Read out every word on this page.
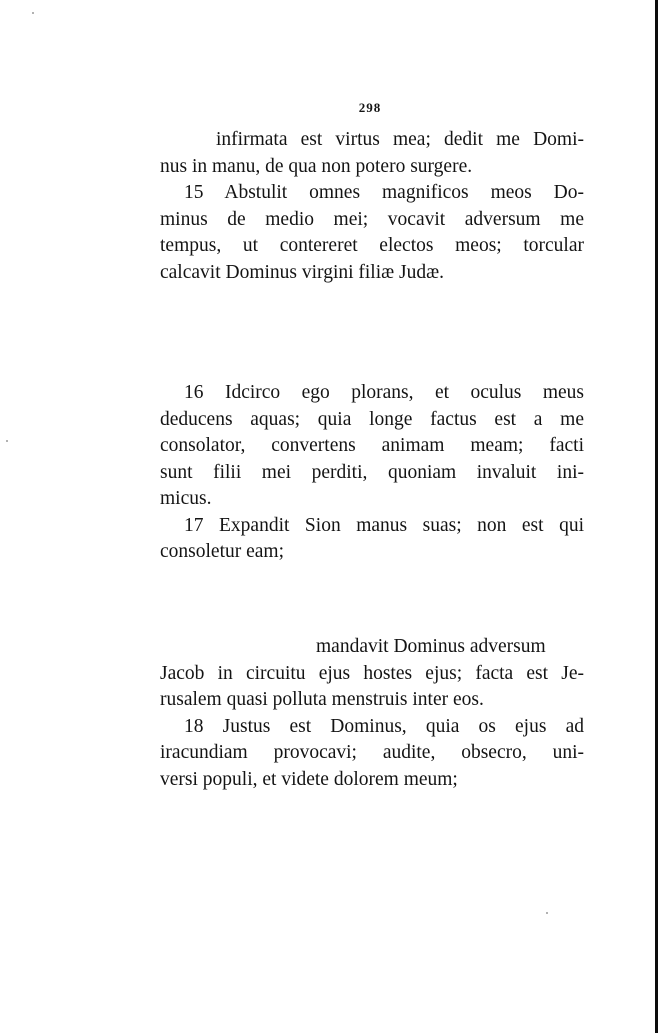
298
infirmata est virtus mea; dedit me Domi-
nus in manu, de qua non potero surgere.
15 Abstulit omnes magnificos meos Do-
minus de medio mei; vocavit adversum me
tempus, ut contereret electos meos; torcular
calcavit Dominus virgini filiæ Judæ.
16 Idcirco ego plorans, et oculus meus
deducens aquas; quia longe factus est a me
consolator, convertens animam meam; facti
sunt filii mei perditi, quoniam invaluit ini-
micus.
17 Expandit Sion manus suas; non est qui
consoletur eam;
mandavit Dominus adversum
Jacob in circuitu ejus hostes ejus; facta est Je-
rusalem quasi polluta menstruis inter eos.
18 Justus est Dominus, quia os ejus ad
iracundiam provocavi; audite, obsecro, uni-
versi populi, et videte dolorem meum;
